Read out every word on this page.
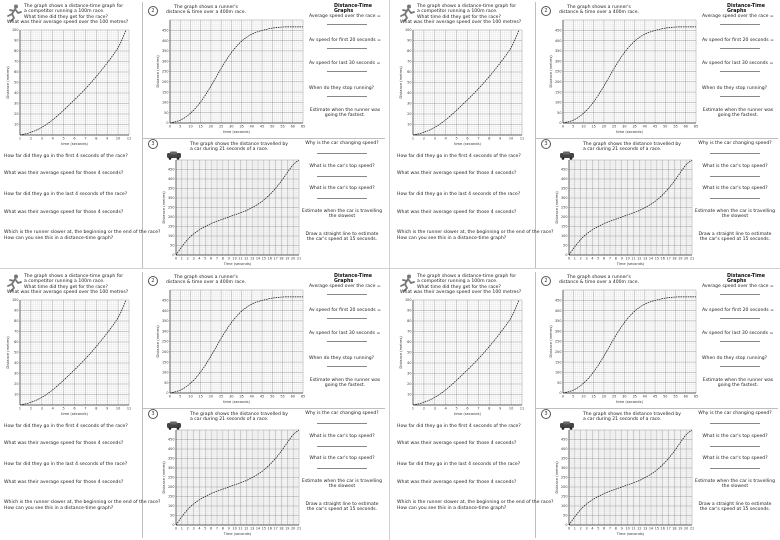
The graph shows a distance-time graph for
a competitor running a 100m race.
What time did they get for the race?
What was their average speed over the 100 metres?
1	2	3	4	5	6	7	8	9 10 11
10
20
30
40
50
60
70
80
90
100
time (seconds)
Distance (metres)
How far did they go in the first 4 seconds of the race?
What was their average speed for those 4 seconds?
How far did they go in the last 4 seconds of the race?
What was their average speed for those 4 seconds?
Which is the runner slower at, the beginning or the end of the race?
How can you see this in a distance-time graph?
2
The graph shows a runner's
distance & time over a 400m race.
Distance-Time Graphs
0 5 10 15 20 25 30 35 40 45 50 55 60 65
0
50
100
150
200
250
300
350
400
450
time (seconds)
Distance (metres)
Average speed over the race =
Av speed for first 20 seconds =
Av speed for last 30 seconds =
When do they stop running?
Estimate when the runner was going the fastest.
3	The graph shows the distance travelled by
a car during 21 seconds of a race.
0 1 2 3 4 5 6 7 8 9 10 11 12 13 14 15 16 17 18 19 20 21
0
50
100
150
200
250
300
350
400
450
Time (seconds)
Distance (metres)
Why is the car changing speed?
What is the car's top speed?
What is the car's top speed?
Estimate when the car is travelling the slowest
Draw a straight line to estimate the car's speed at 15 seconds.
The graph shows a distance-time graph for
a competitor running a 100m race.
What time did they get for the race?
What was their average speed over the 100 metres?
1	2	3	4	5	6	7	8	9 10 11
10
20
30
40
50
60
70
80
90
100
time (seconds)
Distance (metres)
How far did they go in the first 4 seconds of the race?
What was their average speed for those 4 seconds?
How far did they go in the last 4 seconds of the race?
What was their average speed for those 4 seconds?
Which is the runner slower at, the beginning or the end of the race?
How can you see this in a distance-time graph?
2
The graph shows a runner's
distance & time over a 400m race.
Distance-Time Graphs
0 5 10 15 20 25 30 35 40 45 50 55 60 65
0
50
100
150
200
250
300
350
400
450
time (seconds)
Distance (metres)
Average speed over the race =
Av speed for first 20 seconds =
Av speed for last 30 seconds =
When do they stop running?
Estimate when the runner was going the fastest.
3	The graph shows the distance travelled by
a car during 21 seconds of a race.
0 1 2 3 4 5 6 7 8 9 10 11 12 13 14 15 16 17 18 19 20 21
0
50
100
150
200
250
300
350
400
450
Time (seconds)
Distance (metres)
Why is the car changing speed?
What is the car's top speed?
What is the car's top speed?
Estimate when the car is travelling the slowest
Draw a straight line to estimate the car's speed at 15 seconds.
The graph shows a distance-time graph for
a competitor running a 100m race.
What time did they get for the race?
What was their average speed over the 100 metres?
1	2	3	4	5	6	7	8	9 10 11
10
20
30
40
50
60
70
80
90
100
time (seconds)
Distance (metres)
How far did they go in the first 4 seconds of the race?
What was their average speed for those 4 seconds?
How far did they go in the last 4 seconds of the race?
What was their average speed for those 4 seconds?
Which is the runner slower at, the beginning or the end of the race?
How can you see this in a distance-time graph?
2
The graph shows a runner's
distance & time over a 400m race.
Distance-Time Graphs
0 5 10 15 20 25 30 35 40 45 50 55 60 65
0
50
100
150
200
250
300
350
400
450
time (seconds)
Distance (metres)
Average speed over the race =
Av speed for first 20 seconds =
Av speed for last 30 seconds =
When do they stop running?
Estimate when the runner was going the fastest.
3	The graph shows the distance travelled by
a car during 21 seconds of a race.
0 1 2 3 4 5 6 7 8 9 10 11 12 13 14 15 16 17 18 19 20 21
0
50
100
150
200
250
300
350
400
450
Time (seconds)
Distance (metres)
Why is the car changing speed?
What is the car's top speed?
What is the car's top speed?
Estimate when the car is travelling the slowest
Draw a straight line to estimate the car's speed at 15 seconds.
The graph shows a distance-time graph for
a competitor running a 100m race.
What time did they get for the race?
What was their average speed over the 100 metres?
1	2	3	4	5	6	7	8	9 10 11
10
20
30
40
50
60
70
80
90
100
time (seconds)
Distance (metres)
How far did they go in the first 4 seconds of the race?
What was their average speed for those 4 seconds?
How far did they go in the last 4 seconds of the race?
What was their average speed for those 4 seconds?
Which is the runner slower at, the beginning or the end of the race?
How can you see this in a distance-time graph?
2
The graph shows a runner's
distance & time over a 400m race.
Distance-Time Graphs
0 5 10 15 20 25 30 35 40 45 50 55 60 65
0
50
100
150
200
250
300
350
400
450
time (seconds)
Distance (metres)
Average speed over the race =
Av speed for first 20 seconds =
Av speed for last 30 seconds =
When do they stop running?
Estimate when the runner was going the fastest.
3	The graph shows the distance travelled by
a car during 21 seconds of a race.
0 1 2 3 4 5 6 7 8 9 10 11 12 13 14 15 16 17 18 19 20 21
0
50
100
150
200
250
300
350
400
450
Time (seconds)
Distance (metres)
Why is the car changing speed?
What is the car's top speed?
What is the car's top speed?
Estimate when the car is travelling the slowest
Draw a straight line to estimate the car's speed at 15 seconds.
